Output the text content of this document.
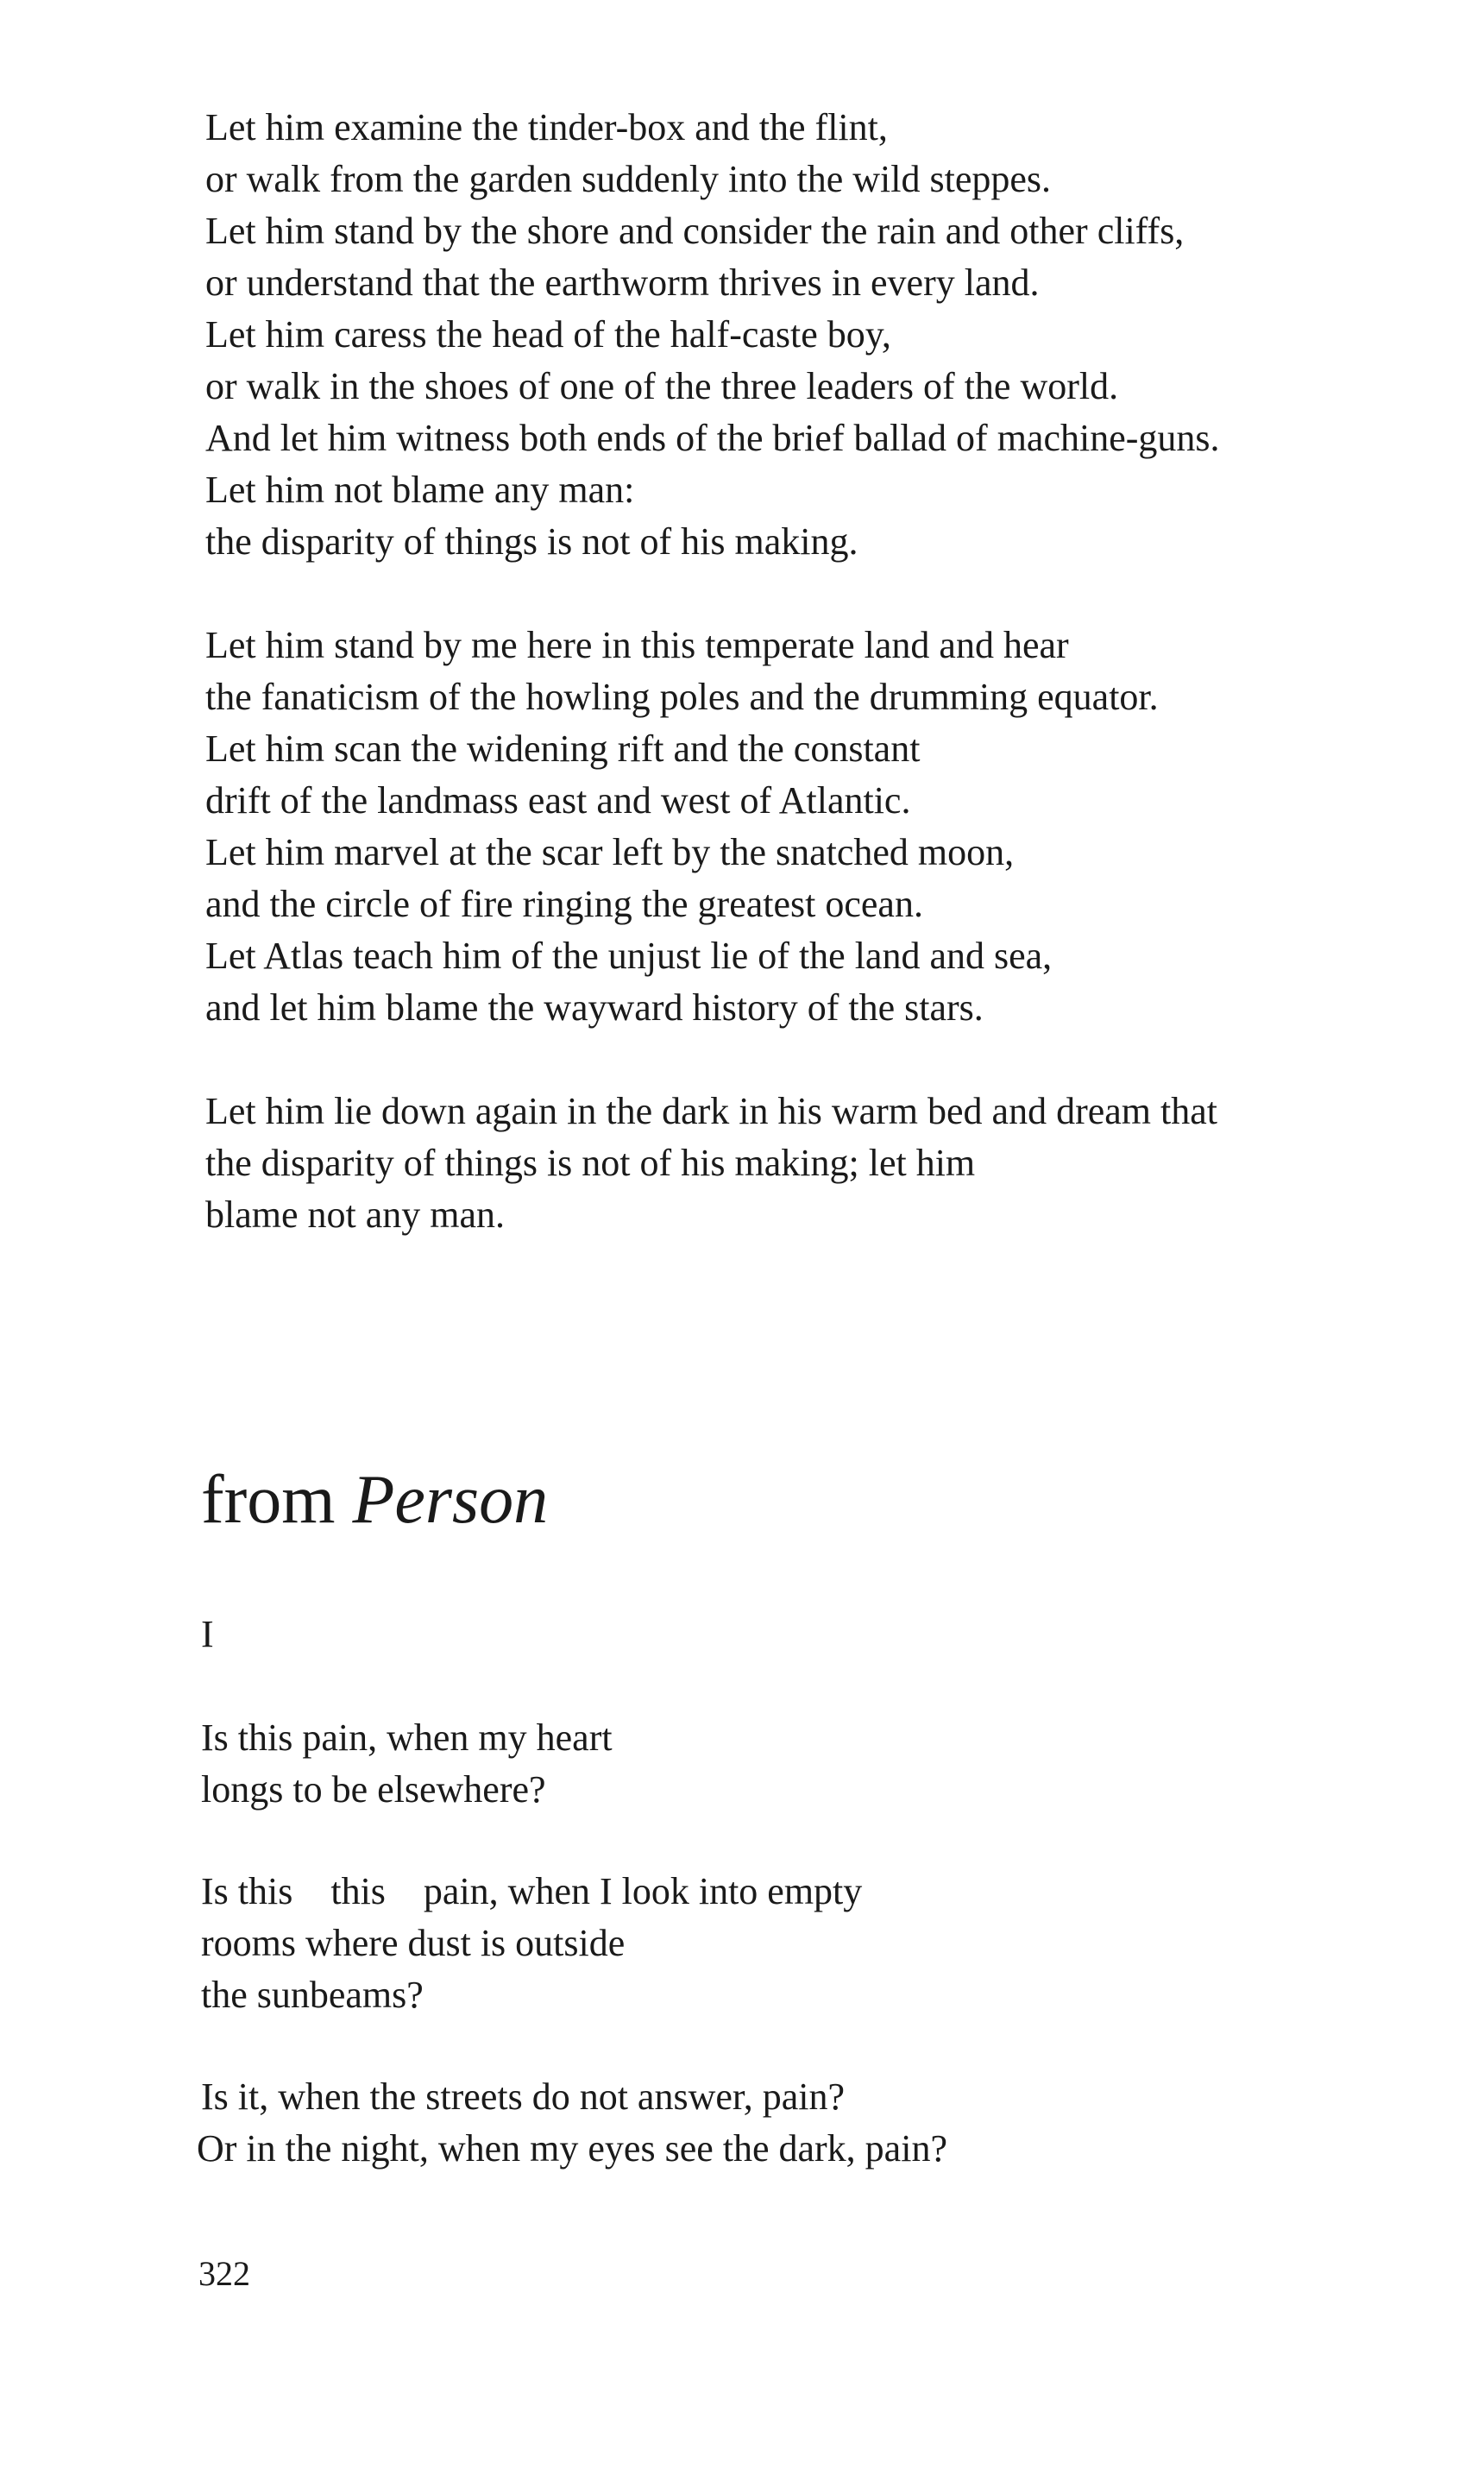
Let him examine the tinder-box and the flint,

or walk from the garden suddenly into the wild steppes.

Let him stand by the shore and consider the rain and other cliffs,

or understand that the earthworm thrives in every land.

Let him caress the head of the half-caste boy,

or walk in the shoes of one of the three leaders of the world.

And let him witness both ends of the brief ballad of machine-guns.

Let him not blame any man:

the disparity of things is not of his making.

Let him stand by me here in this temperate land and hear

the fanaticism of the howling poles and the drumming equator.

Let him scan the widening rift and the constant

drift of the landmass east and west of Atlantic.

Let him marvel at the scar left by the snatched moon,

and the circle of fire ringing the greatest ocean.

Let Atlas teach him of the unjust lie of the land and sea,

and let him blame the wayward history of the stars.

Let him lie down again in the dark in his warm bed and dream that

the disparity of things is not of his making; let him

blame not any man.

from Person

I

Is this pain, when my heart

longs to be elsewhere?

Is this    this    pain, when I look into empty

rooms where dust is outside

the sunbeams?

Is it, when the streets do not answer, pain?

Or in the night, when my eyes see the dark, pain?

322
